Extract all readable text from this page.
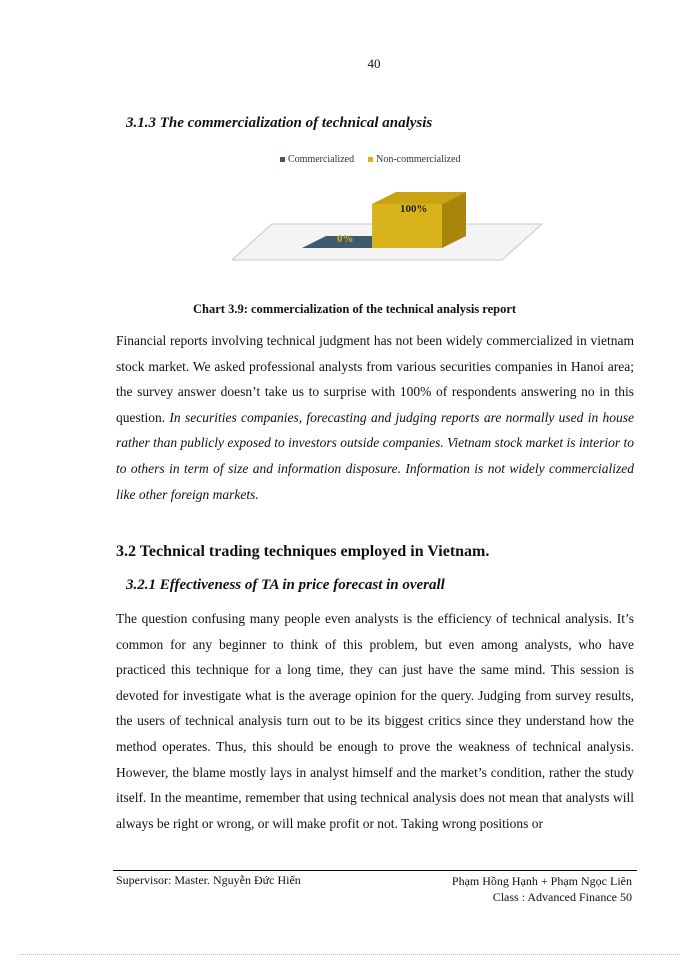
40
3.1.3 The commercialization of technical analysis
Commercialized Non-commercialized
0%
100%
Chart 3.9: commercialization of the technical analysis report

Financial reports involving technical judgment has not been widely commercialized in vietnam stock market. We asked professional analysts from various securities companies in Hanoi area; the survey answer doesn’t take us to surprise with 100% of respondents answering no in this question. In securities companies, forecasting and judging reports are normally used in house rather than publicly exposed to investors outside companies. Vietnam stock market is interior to to others in term of size and information disposure. Information is not widely commercialized like other foreign markets.

3.2 Technical trading techniques employed in Vietnam.
3.2.1 Effectiveness of TA in price forecast in overall

The question confusing many people even analysts is the efficiency of technical analysis. It’s common for any beginner to think of this problem, but even among analysts, who have practiced this technique for a long time, they can just have the same mind. This session is devoted for investigate what is the average opinion for the query. Judging from survey results, the users of technical analysis turn out to be its biggest critics since they understand how the method operates. Thus, this should be enough to prove the weakness of technical analysis. However, the blame mostly lays in analyst himself and the market’s condition, rather the study itself. In the meantime, remember that using technical analysis does not mean that analysts will always be right or wrong, or will make profit or not. Taking wrong positions or

Supervisor: Master. Nguyễn Đức Hiển	Phạm Hồng Hạnh + Phạm Ngọc Liên
Class : Advanced Finance 50
